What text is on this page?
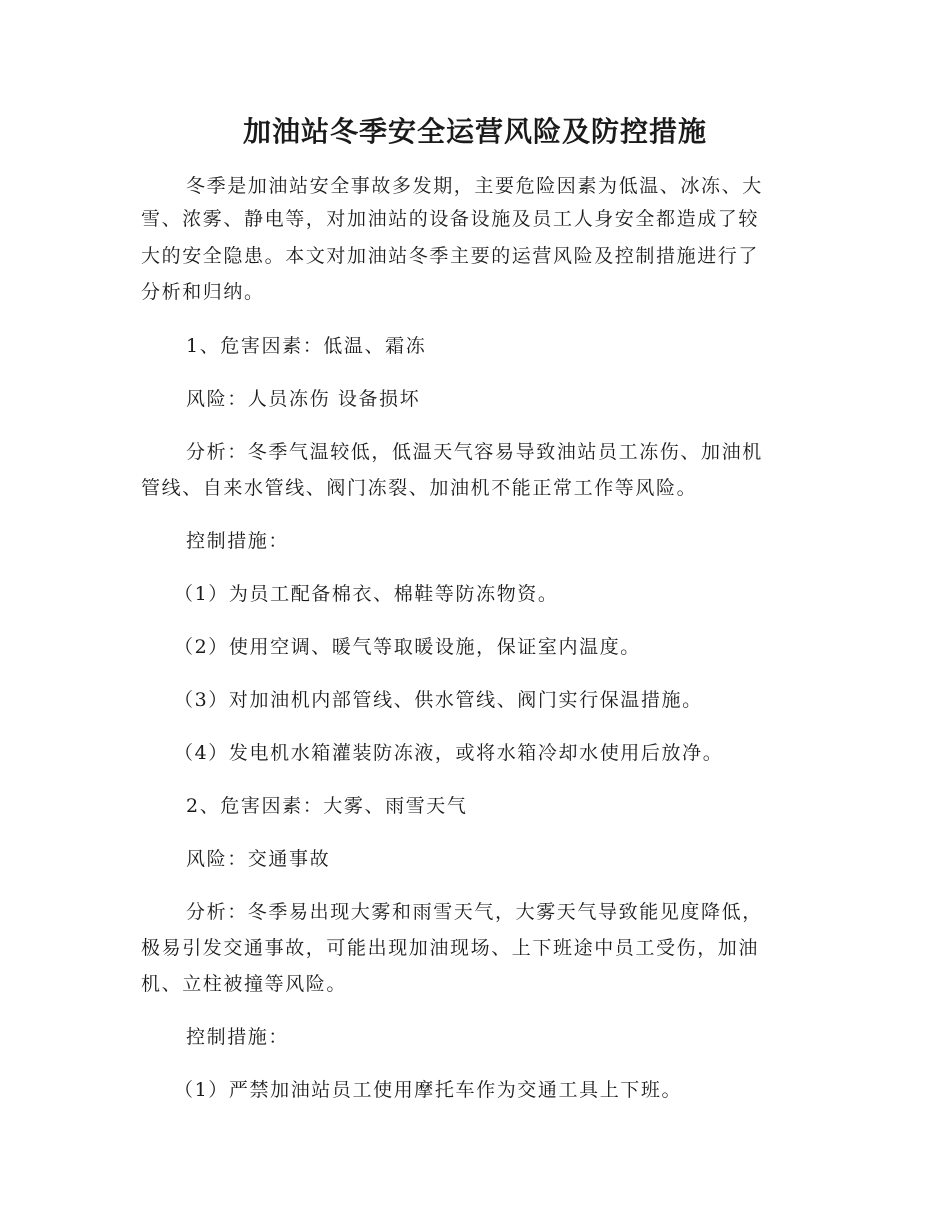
加油站冬季安全运营风险及防控措施
冬季是加油站安全事故多发期，主要危险因素为低温、冰冻、大
雪、浓雾、静电等，对加油站的设备设施及员工人身安全都造成了较
大的安全隐患。本文对加油站冬季主要的运营风险及控制措施进行了
分析和归纳。
1、危害因素：低温、霜冻
风险：人员冻伤 设备损坏
分析：冬季气温较低，低温天气容易导致油站员工冻伤、加油机
管线、自来水管线、阀门冻裂、加油机不能正常工作等风险。
控制措施：
（1）为员工配备棉衣、棉鞋等防冻物资。
（2）使用空调、暖气等取暖设施，保证室内温度。
（3）对加油机内部管线、供水管线、阀门实行保温措施。
（4）发电机水箱灌装防冻液，或将水箱冷却水使用后放净。
2、危害因素：大雾、雨雪天气
风险：交通事故
分析：冬季易出现大雾和雨雪天气，大雾天气导致能见度降低，
极易引发交通事故，可能出现加油现场、上下班途中员工受伤，加油
机、立柱被撞等风险。
控制措施：
（1）严禁加油站员工使用摩托车作为交通工具上下班。
